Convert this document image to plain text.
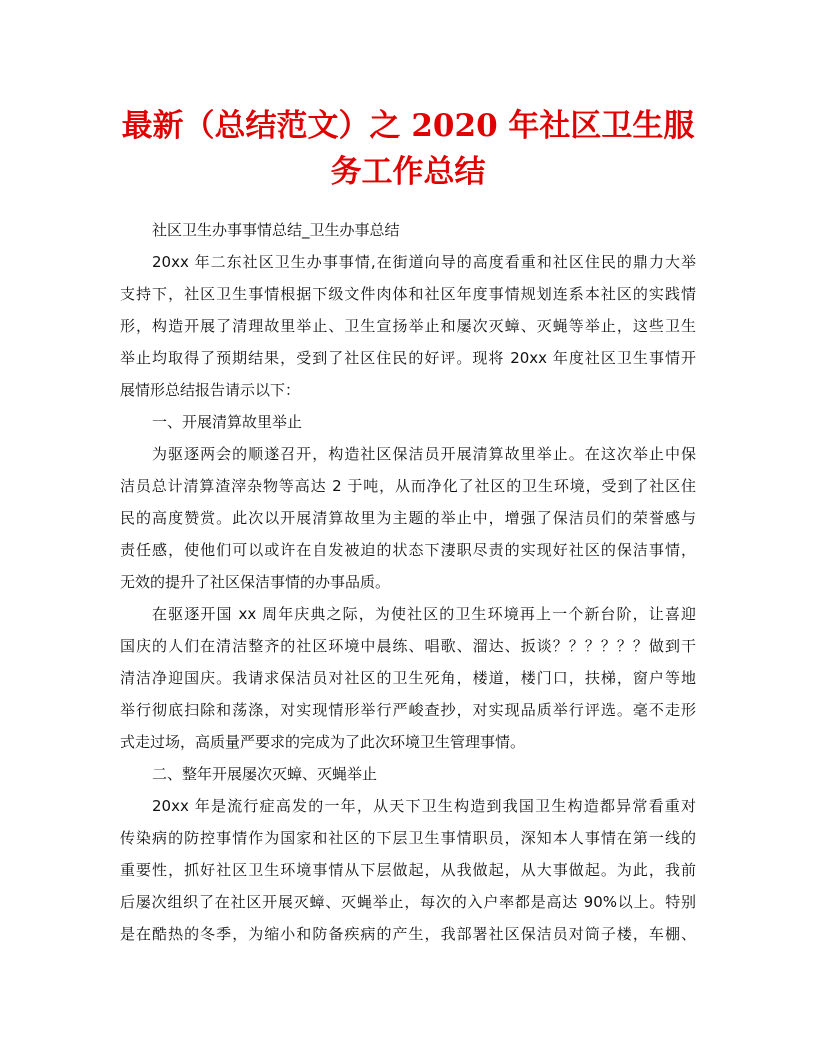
最新（总结范文）之 2020 年社区卫生服
务工作总结
社区卫生办事事情总结_卫生办事总结
20xx 年二东社区卫生办事事情,在街道向导的高度看重和社区住民的鼎力大举
支持下，社区卫生事情根据下级文件肉体和社区年度事情规划连系本社区的实践情
形，构造开展了清理故里举止、卫生宣扬举止和屡次灭蟑、灭蝇等举止，这些卫生
举止均取得了预期结果，受到了社区住民的好评。现将 20xx 年度社区卫生事情开
展情形总结报告请示以下：
一、开展清算故里举止
为驱逐两会的顺遂召开，构造社区保洁员开展清算故里举止。在这次举止中保
洁员总计清算渣滓杂物等高达 2 于吨，从而净化了社区的卫生环境，受到了社区住
民的高度赞赏。此次以开展清算故里为主题的举止中，增强了保洁员们的荣誉感与
责任感，使他们可以或许在自发被迫的状态下淒职尽责的实现好社区的保洁事情，
无效的提升了社区保洁事情的办事品质。
在驱逐开国 xx 周年庆典之际，为使社区的卫生环境再上一个新台阶，让喜迎
国庆的人们在清洁整齐的社区环境中晨练、唱歌、溜达、扳谈？？？？？？做到干
清洁净迎国庆。我请求保洁员对社区的卫生死角，楼道，楼门口，扶梯，窗户等地
举行彻底扫除和荡涤，对实现情形举行严峻查抄，对实现品质举行评选。毫不走形
式走过场，高质量严要求的完成为了此次环境卫生管理事情。
二、整年开展屡次灭蟑、灭蝇举止
20xx 年是流行症高发的一年，从天下卫生构造到我国卫生构造都异常看重对
传染病的防控事情作为国家和社区的下层卫生事情职员，深知本人事情在第一线的
重要性，抓好社区卫生环境事情从下层做起，从我做起，从大事做起。为此，我前
后屡次组织了在社区开展灭蟑、灭蝇举止，每次的入户率都是高达 90%以上。特别
是在酷热的冬季，为缩小和防备疾病的产生，我部署社区保洁员对筒子楼，车棚、
